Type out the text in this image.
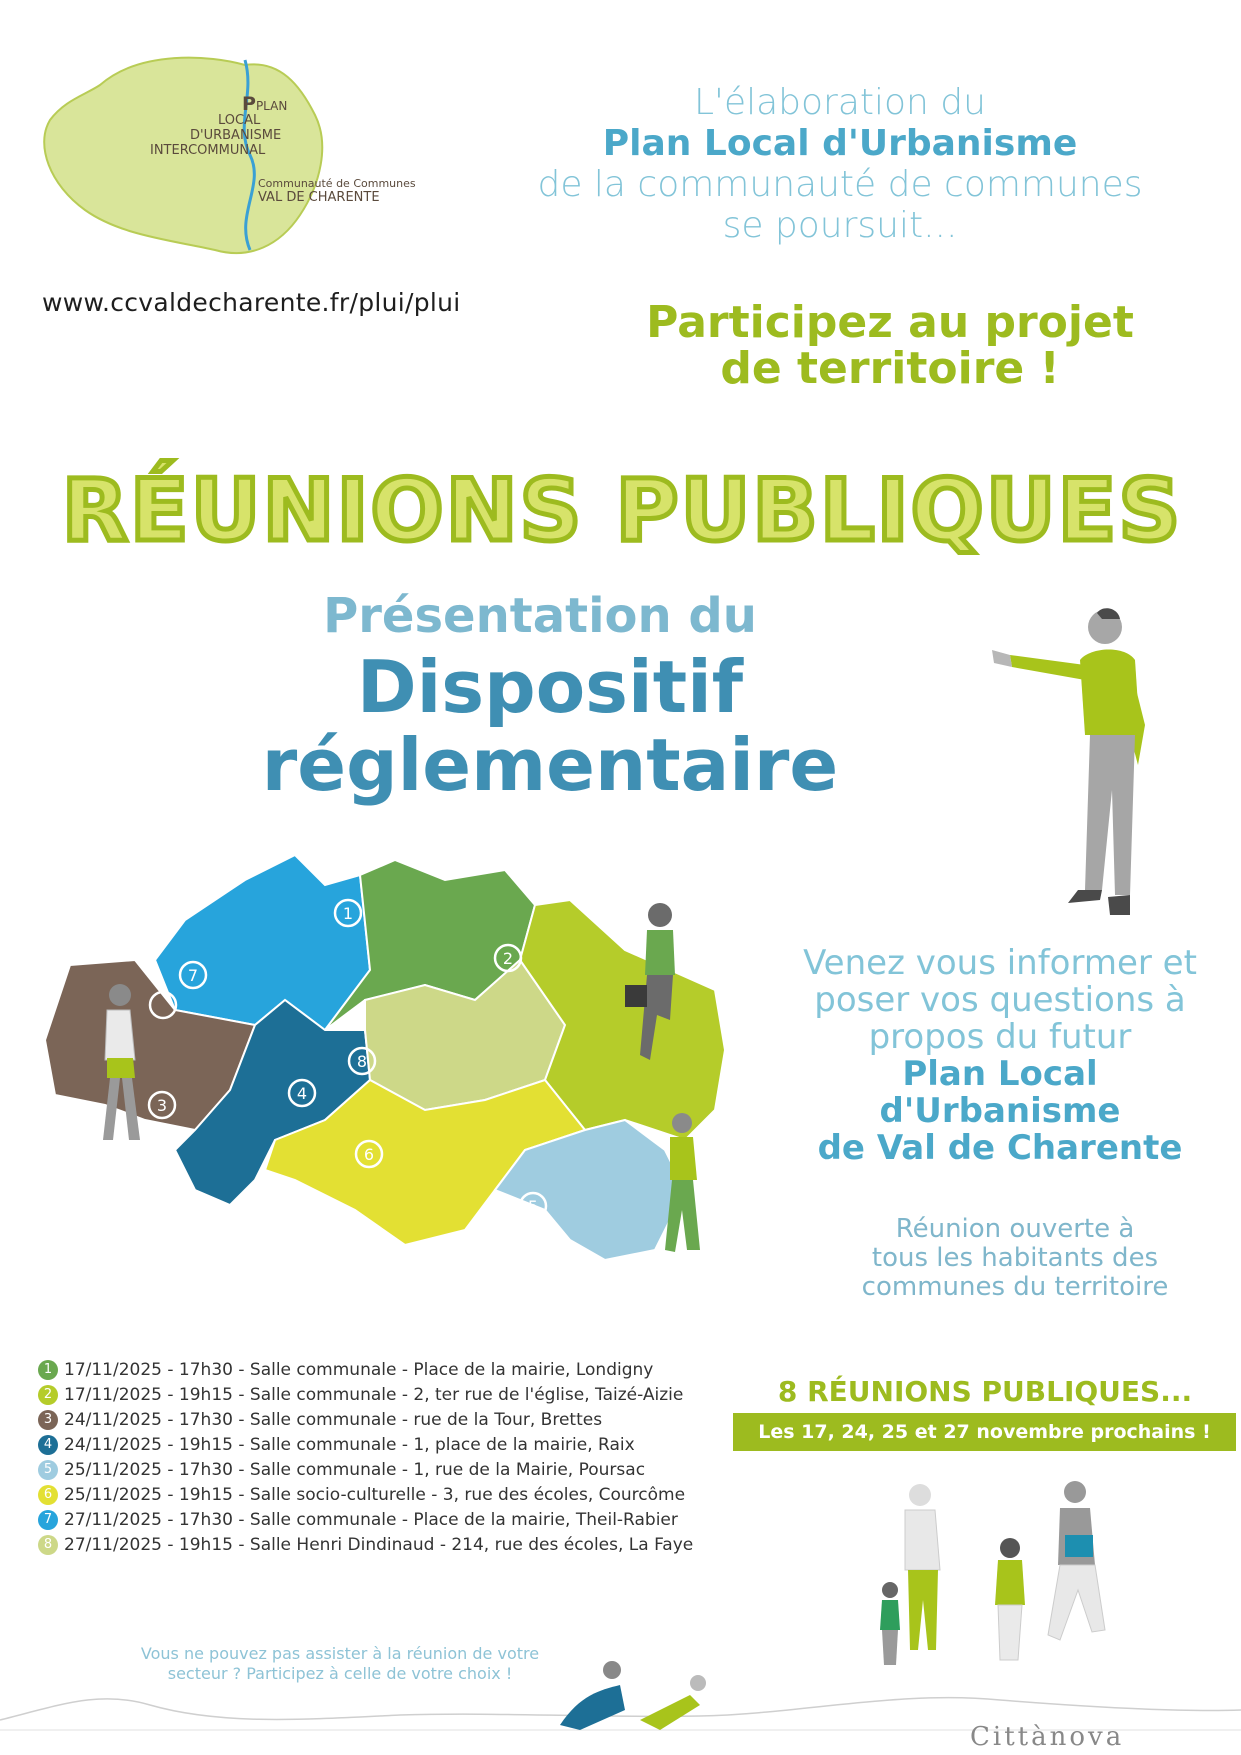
PPLAN
LOCAL
D'URBANISME
INTERCOMMUNAL
Communauté de Communes
VAL DE CHARENTE
www.ccvaldecharente.fr/plui/plui
L'élaboration du
Plan Local d'Urbanisme
de la communauté de communes
se poursuit...
Participez au projet
de territoire !
RÉUNIONS PUBLIQUES
Présentation du
Dispositif
réglementaire
1
2
3
4
5
6
7
8
Venez vous informer et
poser vos questions à
propos du futur
Plan Local d'Urbanisme
de Val de Charente
Réunion ouverte à
tous les habitants des
communes du territoire
8 RÉUNIONS PUBLIQUES...
Les 17, 24, 25 et 27 novembre prochains !
1 17/11/2025 - 17h30 - Salle communale - Place de la mairie, Londigny
2 17/11/2025 - 19h15 - Salle communale - 2, ter rue de l'église, Taizé-Aizie
3 24/11/2025 - 17h30 - Salle communale - rue de la Tour, Brettes
4 24/11/2025 - 19h15 - Salle communale - 1, place de la mairie, Raix
5 25/11/2025 - 17h30 - Salle communale - 1, rue de la Mairie, Poursac
6 25/11/2025 - 19h15 - Salle socio-culturelle - 3, rue des écoles, Courcôme
7 27/11/2025 - 17h30 - Salle communale - Place de la mairie, Theil-Rabier
8 27/11/2025 - 19h15 - Salle Henri Dindinaud - 214, rue des écoles, La Faye
Vous ne pouvez pas assister à la réunion de votre
secteur ? Participez à celle de votre choix !
Cittànova
